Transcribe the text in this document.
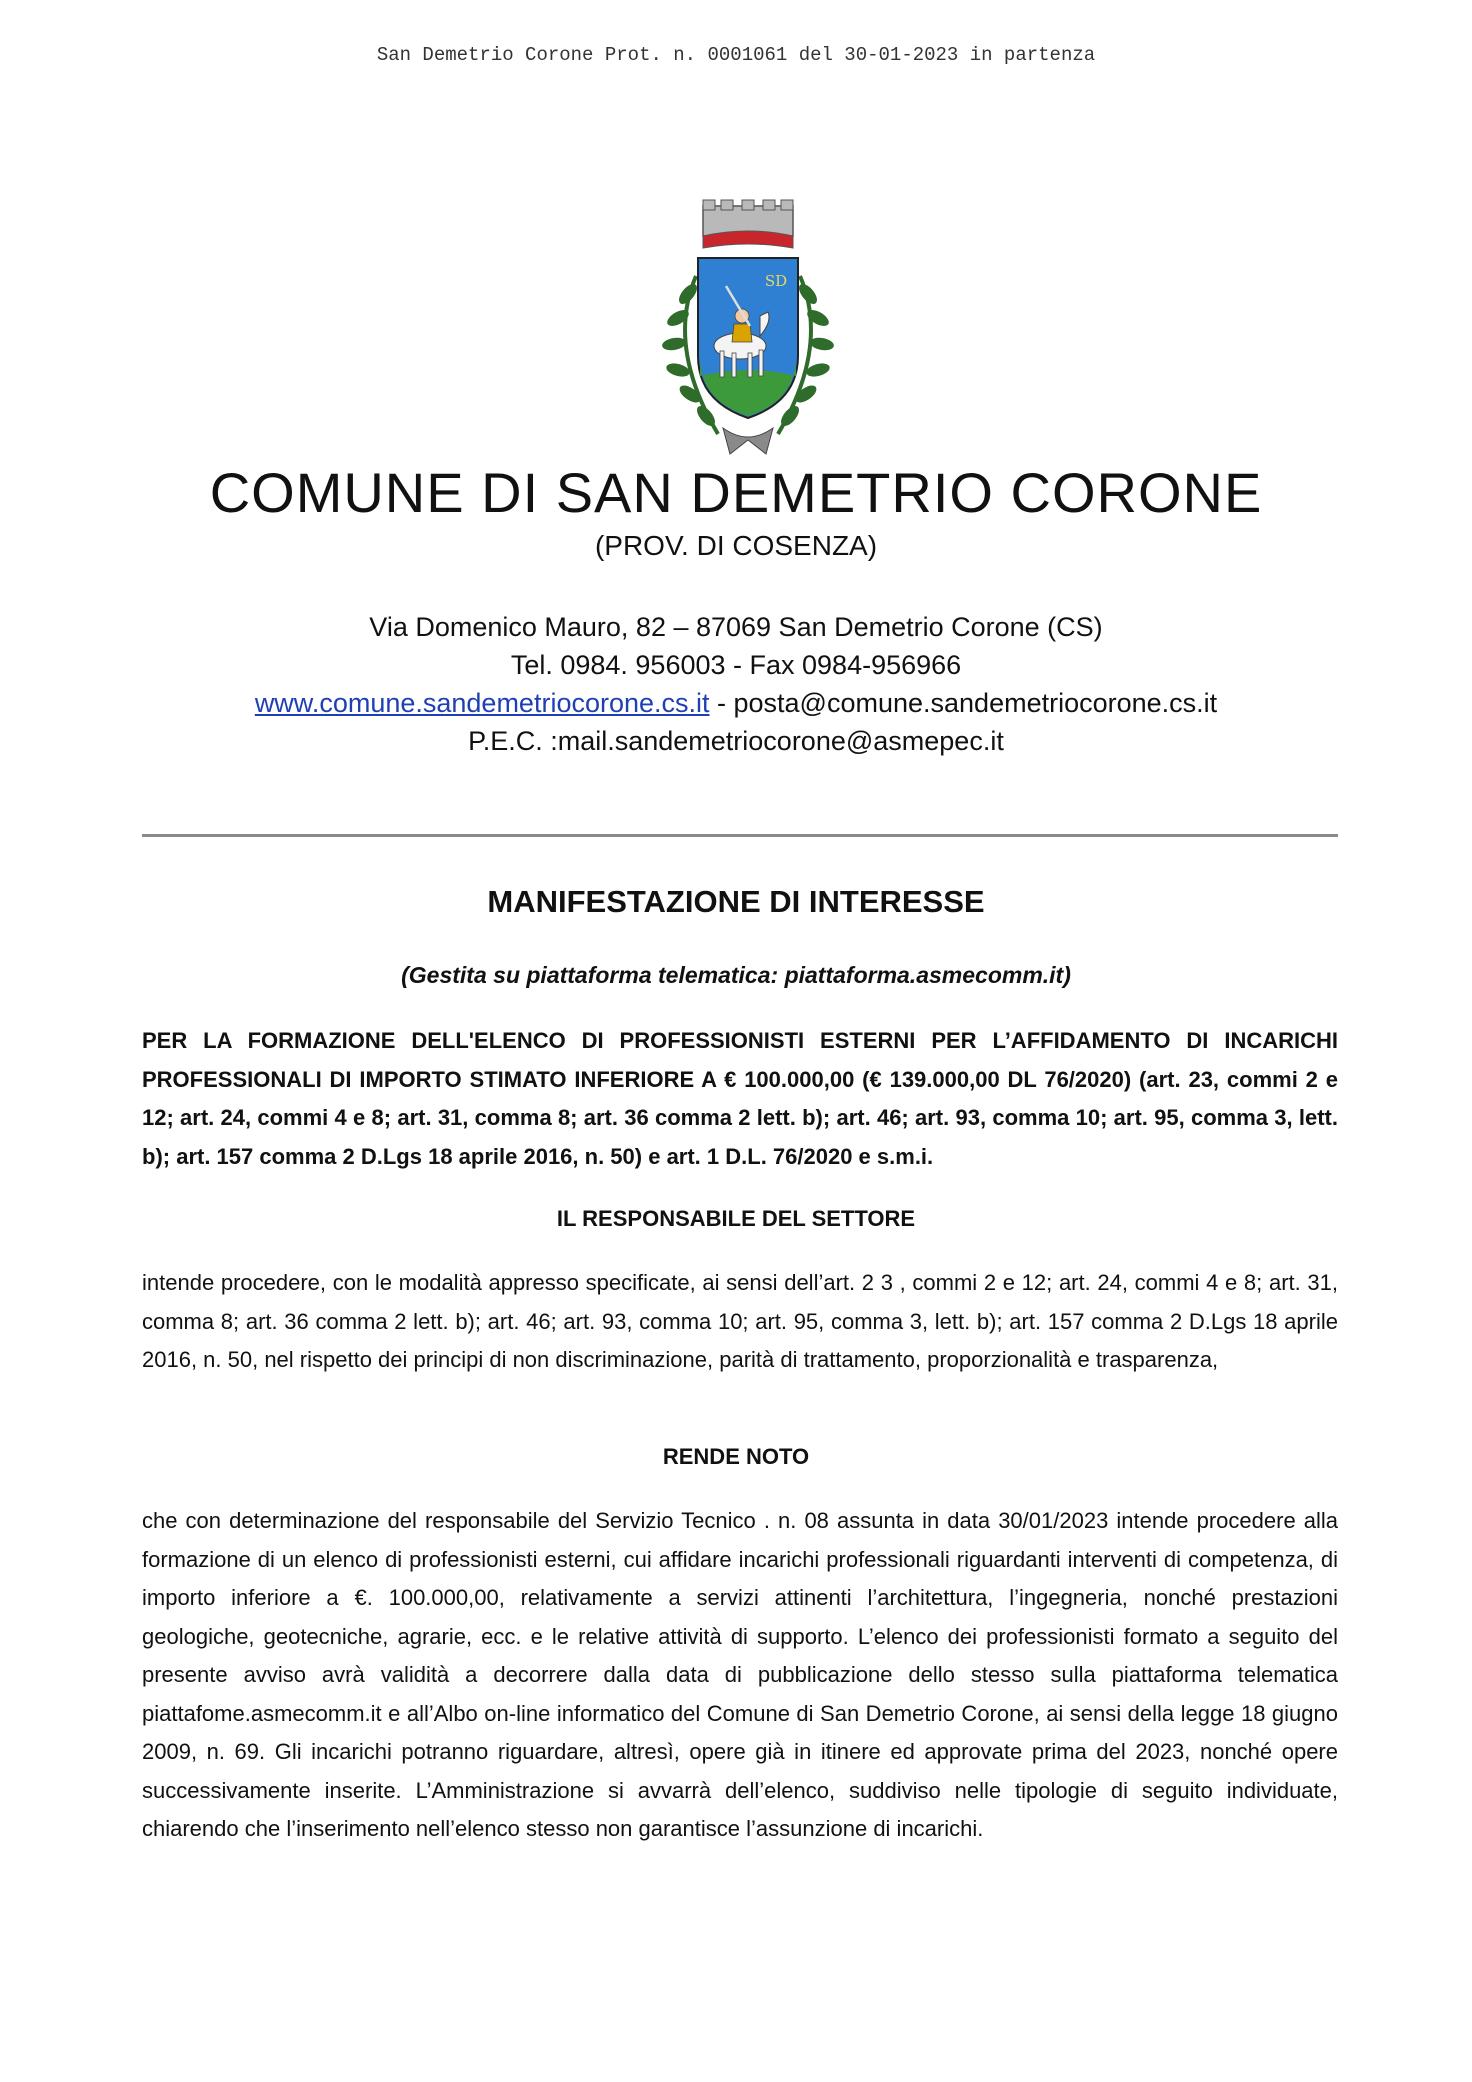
San Demetrio Corone Prot. n. 0001061 del 30-01-2023 in partenza
SD
COMUNE DI SAN DEMETRIO CORONE
(PROV. DI COSENZA)
Via Domenico Mauro, 82 – 87069 San Demetrio Corone (CS)
Tel. 0984. 956003 - Fax 0984-956966
www.comune.sandemetriocorone.cs.it - posta@comune.sandemetriocorone.cs.it
P.E.C. :mail.sandemetriocorone@asmepec.it
MANIFESTAZIONE DI INTERESSE
(Gestita su piattaforma telematica: piattaforma.asmecomm.it)
PER LA FORMAZIONE DELL'ELENCO DI PROFESSIONISTI ESTERNI PER L’AFFIDAMENTO DI INCARICHI PROFESSIONALI DI IMPORTO STIMATO INFERIORE A € 100.000,00 (€ 139.000,00 DL 76/2020) (art. 23, commi 2 e 12; art. 24, commi 4 e 8; art. 31, comma 8; art. 36 comma 2 lett. b); art. 46; art. 93, comma 10; art. 95, comma 3, lett. b); art. 157 comma 2 D.Lgs 18 aprile 2016, n. 50) e art. 1 D.L. 76/2020 e s.m.i.
IL RESPONSABILE DEL SETTORE
intende procedere, con le modalità appresso specificate, ai sensi dell’art. 2 3 , commi 2 e 12; art. 24, commi 4 e 8; art. 31, comma 8; art. 36 comma 2 lett. b); art. 46; art. 93, comma 10; art. 95, comma 3, lett. b); art. 157 comma 2 D.Lgs 18 aprile 2016, n. 50, nel rispetto dei principi di non discriminazione, parità di trattamento, proporzionalità e trasparenza,
RENDE NOTO
che con determinazione del responsabile del Servizio Tecnico . n. 08 assunta in data 30/01/2023 intende procedere alla formazione di un elenco di professionisti esterni, cui affidare incarichi professionali riguardanti interventi di competenza, di importo inferiore a €. 100.000,00, relativamente a servizi attinenti l’architettura, l’ingegneria, nonché prestazioni geologiche, geotecniche, agrarie, ecc. e le relative attività di supporto. L’elenco dei professionisti formato a seguito del presente avviso avrà validità a decorrere dalla data di pubblicazione dello stesso sulla piattaforma telematica piattafome.asmecomm.it e all’Albo on-line informatico del Comune di San Demetrio Corone, ai sensi della legge 18 giugno 2009, n. 69. Gli incarichi potranno riguardare, altresì, opere già in itinere ed approvate prima del 2023, nonché opere successivamente inserite. L’Amministrazione si avvarrà dell’elenco, suddiviso nelle tipologie di seguito individuate, chiarendo che l’inserimento nell’elenco stesso non garantisce l’assunzione di incarichi.
